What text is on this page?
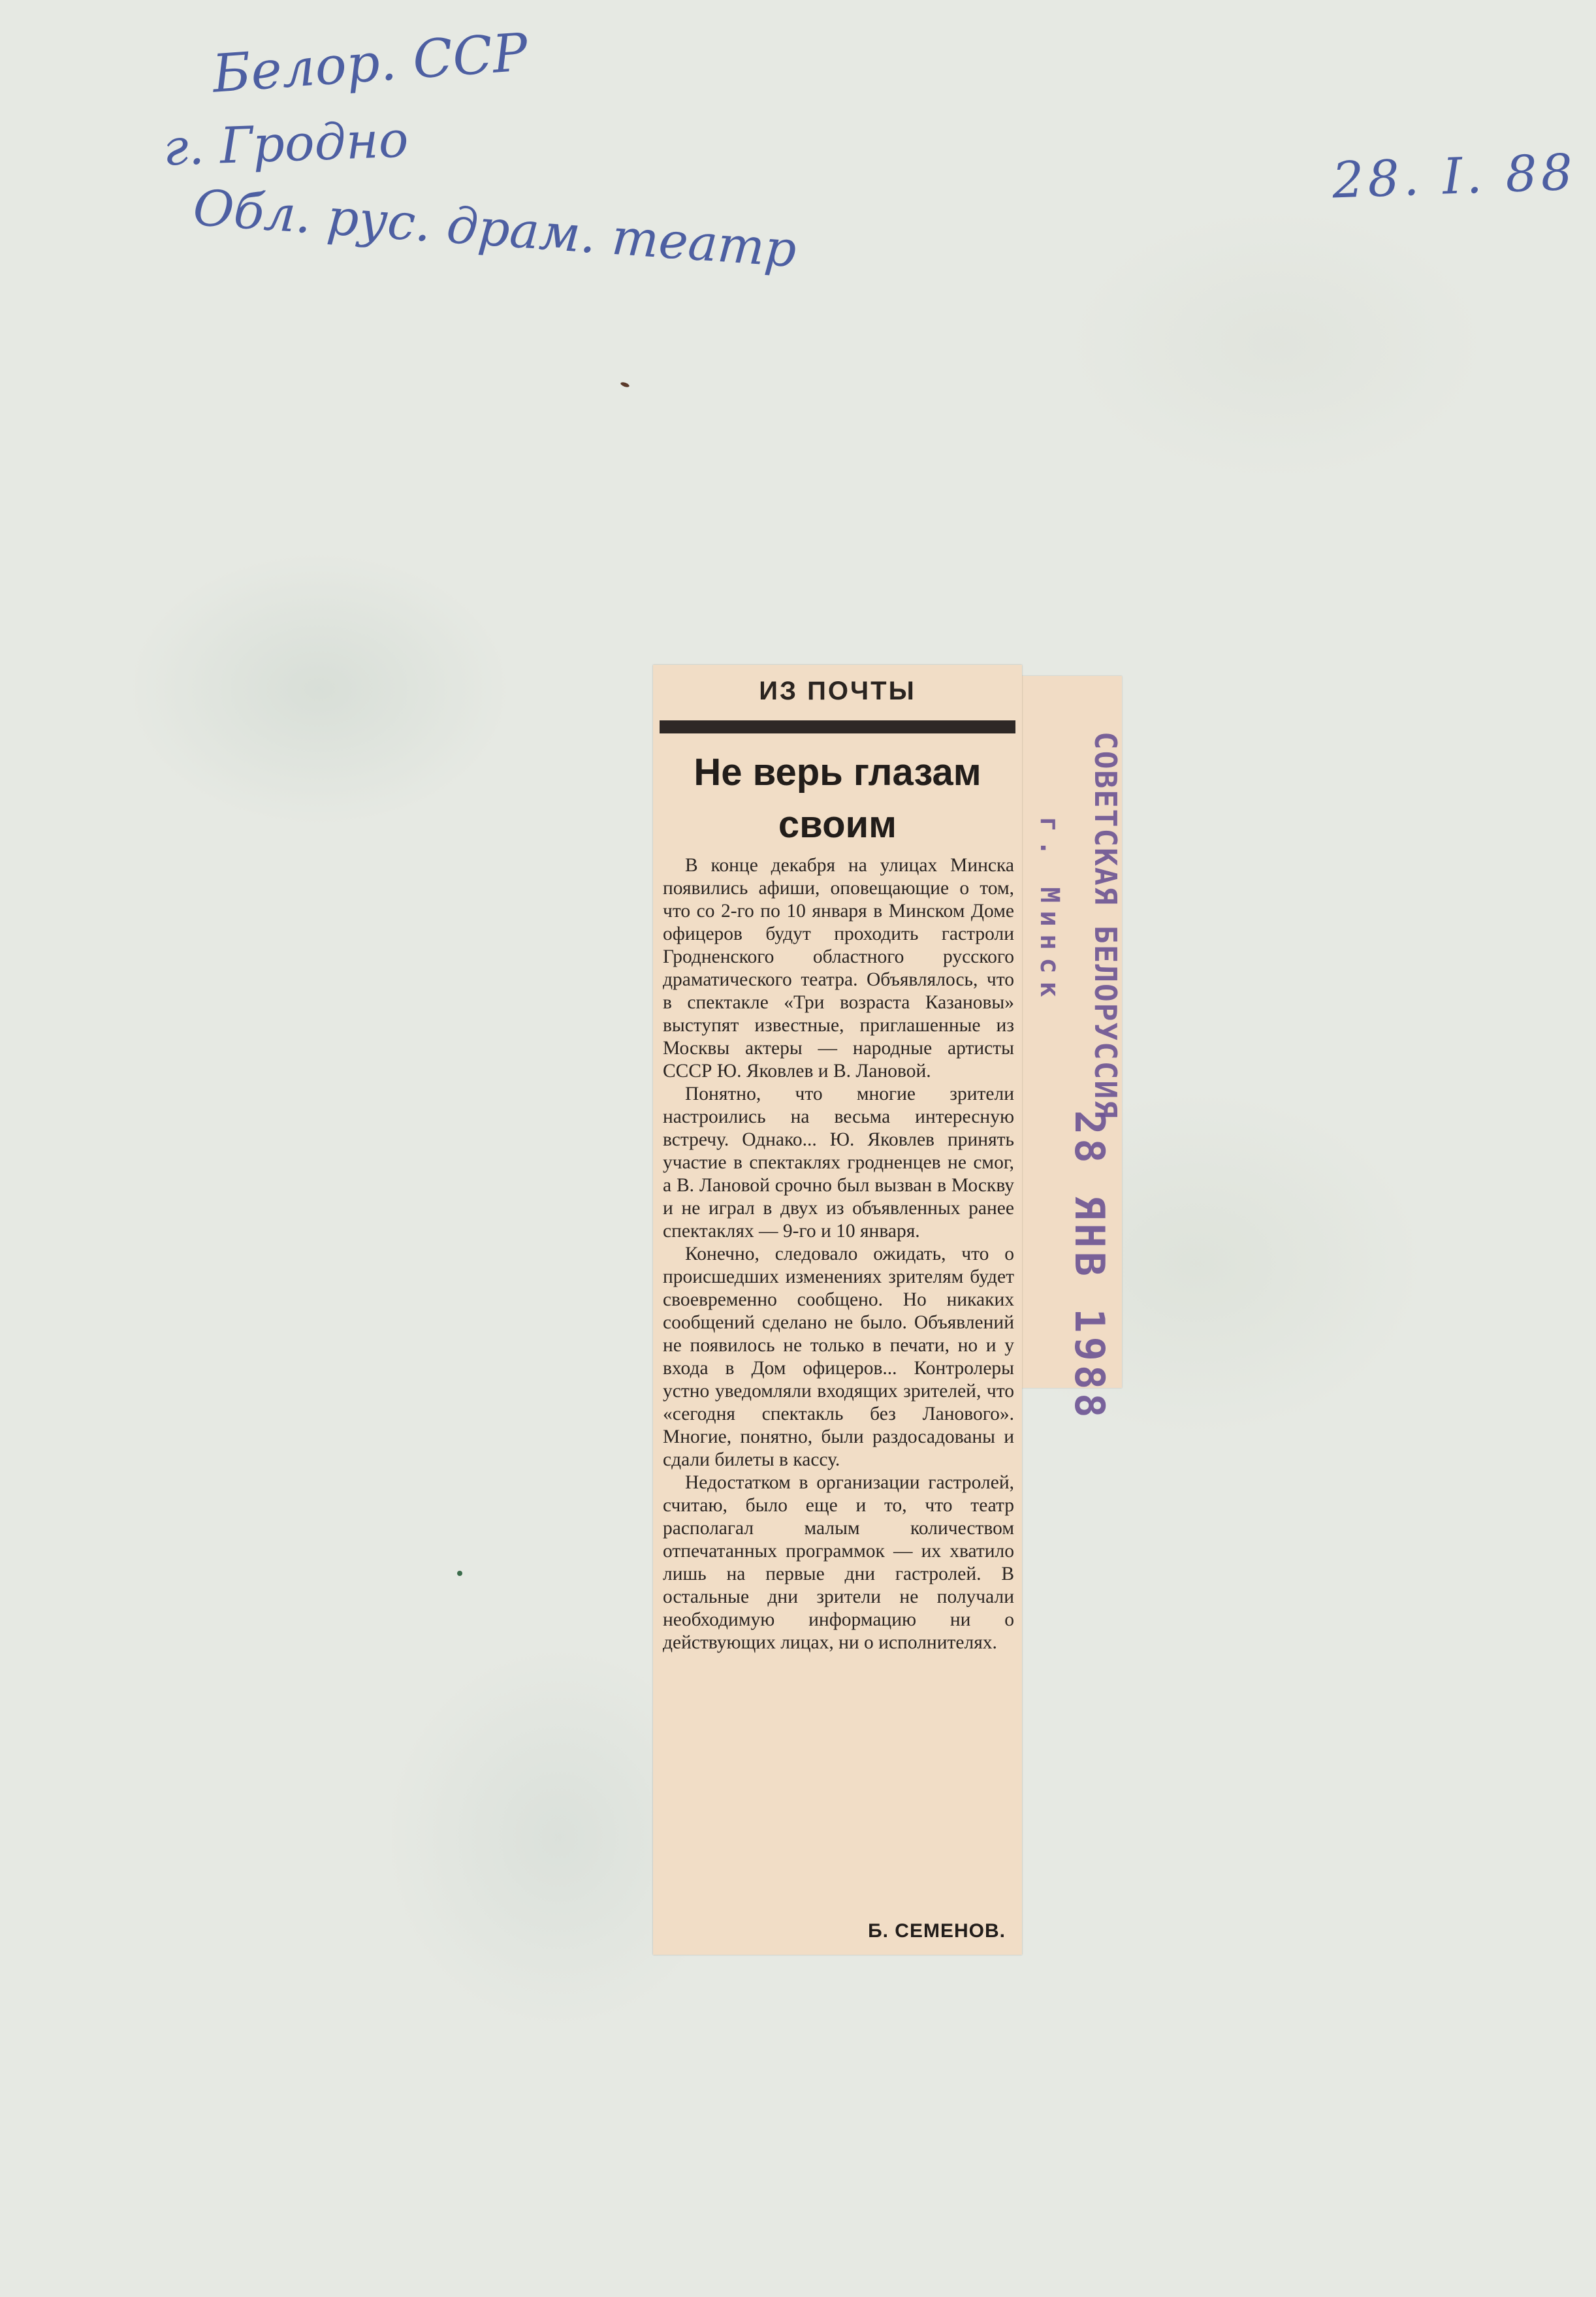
Белор. ССР
г. Гродно
Обл. рус. драм. театр
28. I. 88
ИЗ ПОЧТЫ
Не верь глазам своим

В конце декабря на улицах Минска появились афиши, оповещающие о том, что со 2-го по 10 января в Минском Доме офицеров будут проходить гастроли Гродненского областного русского драматического театра. Объявлялось, что в спектакле «Три возраста Казановы» выступят известные, приглашенные из Москвы актеры — народные артисты СССР Ю. Яковлев и В. Лановой.

Понятно, что многие зрители настроились на весьма интересную встречу. Однако... Ю. Яковлев принять участие в спектаклях гродненцев не смог, а В. Лановой срочно был вызван в Москву и не играл в двух из объявленных ранее спектаклях — 9-го и 10 января.

Конечно, следовало ожидать, что о происшедших изменениях зрителям будет своевременно сообщено. Но никаких сообщений сделано не было. Объявлений не появилось не только в печати, но и у входа в Дом офицеров... Контролеры устно уведомляли входящих зрителей, что «сегодня спектакль без Ланового». Многие, понятно, были раздосадованы и сдали билеты в кассу.

Недостатком в организации гастролей, считаю, было еще и то, что театр располагал малым количеством отпечатанных программок — их хватило лишь на первые дни гастролей. В остальные дни зрители не получали необходимую информацию ни о действующих лицах, ни о исполнителях.

Б. СЕМЕНОВ.
СОВЕТСКАЯ БЕЛОРУССИЯ
г. Минск
28 ЯНВ 1988
